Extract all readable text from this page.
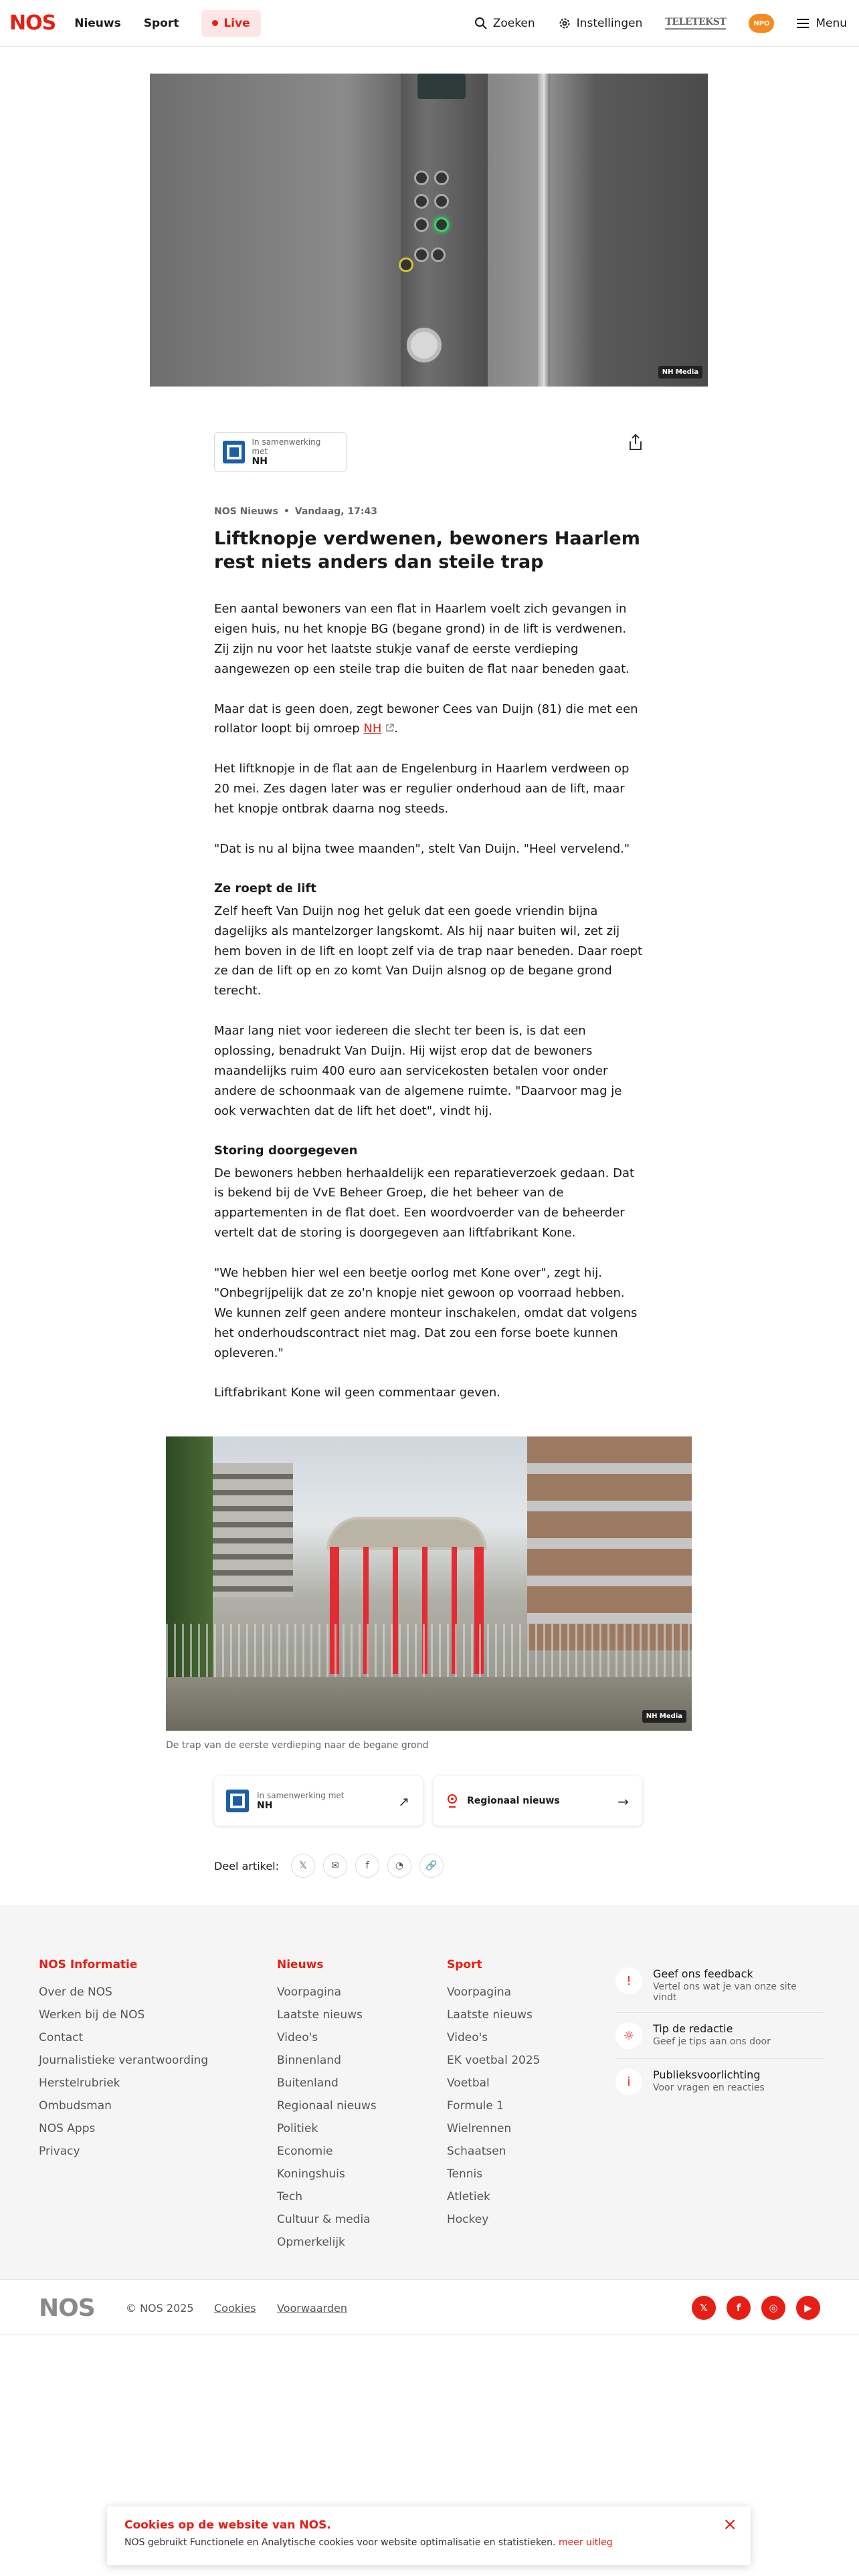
NOS Nieuws Sport	Live	Zoeken	Instellingen TELETEKST	NPO	Menu
NH Media
In samenwerking met
NH
NOS Nieuws • Vandaag, 17:43
Liftknopje verdwenen, bewoners Haarlem rest niets anders dan steile trap

Een aantal bewoners van een flat in Haarlem voelt zich gevangen in eigen huis, nu het knopje BG (begane grond) in de lift is verdwenen. Zij zijn nu voor het laatste stukje vanaf de eerste verdieping aangewezen op een steile trap die buiten de flat naar beneden gaat.

Maar dat is geen doen, zegt bewoner Cees van Duijn (81) die met een rollator loopt bij omroep NH .

Het liftknopje in de flat aan de Engelenburg in Haarlem verdween op 20 mei. Zes dagen later was er regulier onderhoud aan de lift, maar het knopje ontbrak daarna nog steeds.

"Dat is nu al bijna twee maanden", stelt Van Duijn. "Heel vervelend."

Ze roept de lift

Zelf heeft Van Duijn nog het geluk dat een goede vriendin bijna dagelijks als mantelzorger langskomt. Als hij naar buiten wil, zet zij hem boven in de lift en loopt zelf via de trap naar beneden. Daar roept ze dan de lift op en zo komt Van Duijn alsnog op de begane grond terecht.

Maar lang niet voor iedereen die slecht ter been is, is dat een oplossing, benadrukt Van Duijn. Hij wijst erop dat de bewoners maandelijks ruim 400 euro aan servicekosten betalen voor onder andere de schoonmaak van de algemene ruimte. "Daarvoor mag je ook verwachten dat de lift het doet", vindt hij.

Storing doorgegeven

De bewoners hebben herhaaldelijk een reparatieverzoek gedaan. Dat is bekend bij de VvE Beheer Groep, die het beheer van de appartementen in de flat doet. Een woordvoerder van de beheerder vertelt dat de storing is doorgegeven aan liftfabrikant Kone.

"We hebben hier wel een beetje oorlog met Kone over", zegt hij. "Onbegrijpelijk dat ze zo'n knopje niet gewoon op voorraad hebben. We kunnen zelf geen andere monteur inschakelen, omdat dat volgens het onderhoudscontract niet mag. Dat zou een forse boete kunnen opleveren."

Liftfabrikant Kone wil geen commentaar geven.

NH Media
De trap van de eerste verdieping naar de begane grond
In samenwerking met
NH	↗	Regionaal nieuws	→
Deel artikel:	𝕏	✉	f	◔	🔗
NOS Informatie
Over de NOS
Werken bij de NOS
Contact
Journalistieke verantwoording
Herstelrubriek
Ombudsman
NOS Apps
Privacy
Nieuws
Voorpagina
Laatste nieuws
Video's
Binnenland
Buitenland
Regionaal nieuws
Politiek
Economie
Koningshuis
Tech
Cultuur & media
Opmerkelijk
Sport
Voorpagina
Laatste nieuws
Video's
EK voetbal 2025
Voetbal
Formule 1
Wielrennen
Schaatsen
Tennis
Atletiek
Hockey
!	Geef ons feedback
Vertel ons wat je van onze site vindt
☼	Tip de redactie
Geef je tips aan ons door
i	Publieksvoorlichting
Voor vragen en reacties
NOS	© NOS 2025 Cookies Voorwaarden	𝕏	f	◎	▶
Cookies op de website van NOS.
NOS gebruikt Functionele en Analytische cookies voor website optimalisatie en statistieken. meer uitleg
×
